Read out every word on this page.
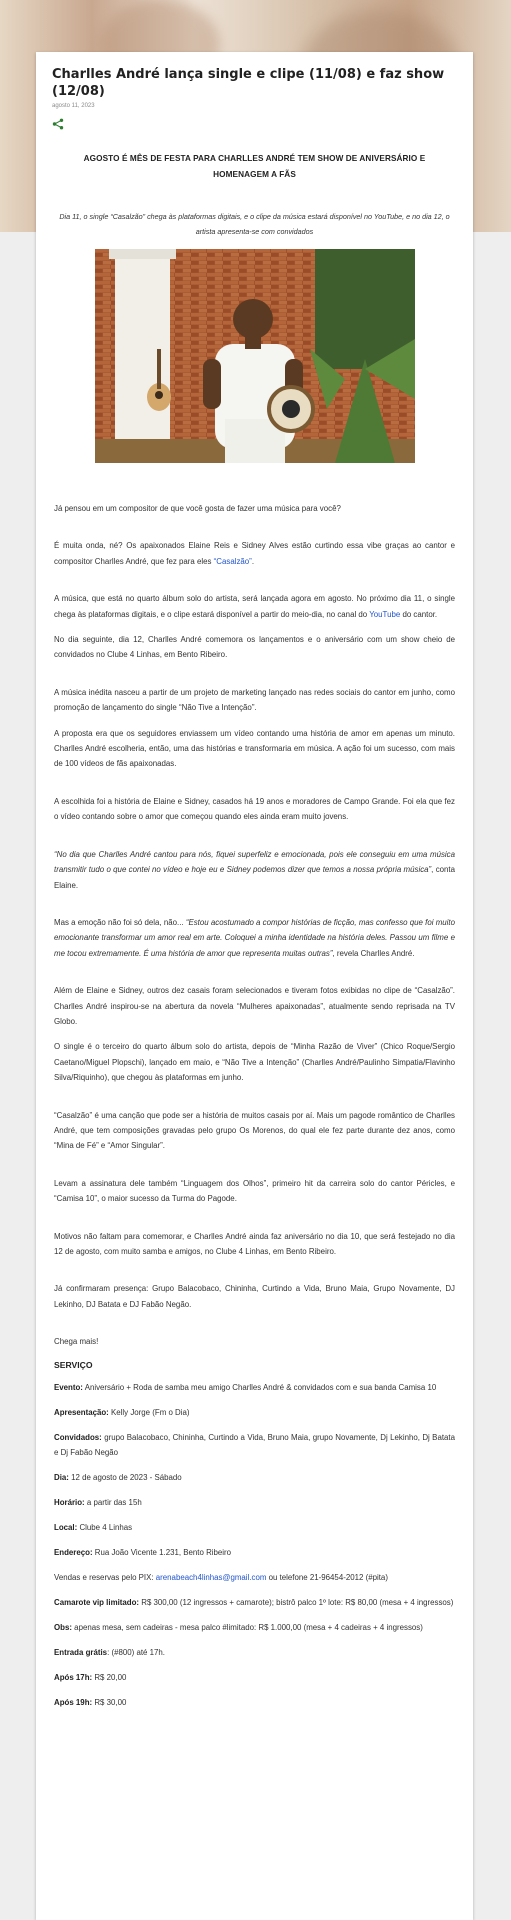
Charlles André lança single e clipe (11/08) e faz show (12/08)
agosto 11, 2023
AGOSTO É MÊS DE FESTA PARA CHARLLES ANDRÉ TEM SHOW DE ANIVERSÁRIO E HOMENAGEM A FÃS
Dia 11, o single “Casalzão” chega às plataformas digitais, e o clipe da música estará disponível no YouTube, e no dia 12, o artista apresenta-se com convidados

Já pensou em um compositor de que você gosta de fazer uma música para você?

É muita onda, né? Os apaixonados Elaine Reis e Sidney Alves estão curtindo essa vibe graças ao cantor e compositor Charlles André, que fez para eles “Casalzão”.

A música, que está no quarto álbum solo do artista, será lançada agora em agosto. No próximo dia 11, o single chega às plataformas digitais, e o clipe estará disponível a partir do meio-dia, no canal do YouTube do cantor.

No dia seguinte, dia 12, Charlles André comemora os lançamentos e o aniversário com um show cheio de convidados no Clube 4 Linhas, em Bento Ribeiro.

A música inédita nasceu a partir de um projeto de marketing lançado nas redes sociais do cantor em junho, como promoção de lançamento do single “Não Tive a Intenção”.

A proposta era que os seguidores enviassem um vídeo contando uma história de amor em apenas um minuto. Charlles André escolheria, então, uma das histórias e transformaria em música. A ação foi um sucesso, com mais de 100 vídeos de fãs apaixonadas.

A escolhida foi a história de Elaine e Sidney, casados há 19 anos e moradores de Campo Grande. Foi ela que fez o vídeo contando sobre o amor que começou quando eles ainda eram muito jovens.

“No dia que Charlles André cantou para nós, fiquei superfeliz e emocionada, pois ele conseguiu em uma música transmitir tudo o que contei no vídeo e hoje eu e Sidney podemos dizer que temos a nossa própria música”, conta Elaine.

Mas a emoção não foi só dela, não... “Estou acostumado a compor histórias de ficção, mas confesso que foi muito emocionante transformar um amor real em arte. Coloquei a minha identidade na história deles. Passou um filme e me tocou extremamente. É uma história de amor que representa muitas outras”, revela Charlles André.

Além de Elaine e Sidney, outros dez casais foram selecionados e tiveram fotos exibidas no clipe de “Casalzão”. Charlles André inspirou-se na abertura da novela “Mulheres apaixonadas”, atualmente sendo reprisada na TV Globo.

O single é o terceiro do quarto álbum solo do artista, depois de “Minha Razão de Viver” (Chico Roque/Sergio Caetano/Miguel Plopschi), lançado em maio, e “Não Tive a Intenção” (Charlles André/Paulinho Simpatia/Flavinho Silva/Riquinho), que chegou às plataformas em junho.

“Casalzão” é uma canção que pode ser a história de muitos casais por aí. Mais um pagode romântico de Charlles André, que tem composições gravadas pelo grupo Os Morenos, do qual ele fez parte durante dez anos, como “Mina de Fé” e “Amor Singular”.

Levam a assinatura dele também “Linguagem dos Olhos”, primeiro hit da carreira solo do cantor Péricles, e “Camisa 10”, o maior sucesso da Turma do Pagode.

Motivos não faltam para comemorar, e Charlles André ainda faz aniversário no dia 10, que será festejado no dia 12 de agosto, com muito samba e amigos, no Clube 4 Linhas, em Bento Ribeiro.

Já confirmaram presença: Grupo Balacobaco, Chininha, Curtindo a Vida, Bruno Maia, Grupo Novamente, DJ Lekinho, DJ Batata e DJ Fabão Negão.

Chega mais!

SERVIÇO

Evento: Aniversário + Roda de samba meu amigo Charlles André & convidados com e sua banda Camisa 10

Apresentação: Kelly Jorge (Fm o Dia)

Convidados: grupo Balacobaco, Chininha, Curtindo a Vida, Bruno Maia, grupo Novamente, Dj Lekinho, Dj Batata e Dj Fabão Negão

Dia: 12 de agosto de 2023 - Sábado

Horário: a partir das 15h

Local: Clube 4 Linhas

Endereço: Rua João Vicente 1.231, Bento Ribeiro

Vendas e reservas pelo PIX: arenabeach4linhas@gmail.com ou telefone 21-96454-2012 (#pita)

Camarote vip limitado: R$ 300,00 (12 ingressos + camarote); bistrô palco 1º lote: R$ 80,00 (mesa + 4 ingressos)

Obs: apenas mesa, sem cadeiras - mesa palco #limitado: R$ 1.000,00 (mesa + 4 cadeiras + 4 ingressos)

Entrada grátis: (#800) até 17h.

Após 17h: R$ 20,00

Após 19h: R$ 30,00
